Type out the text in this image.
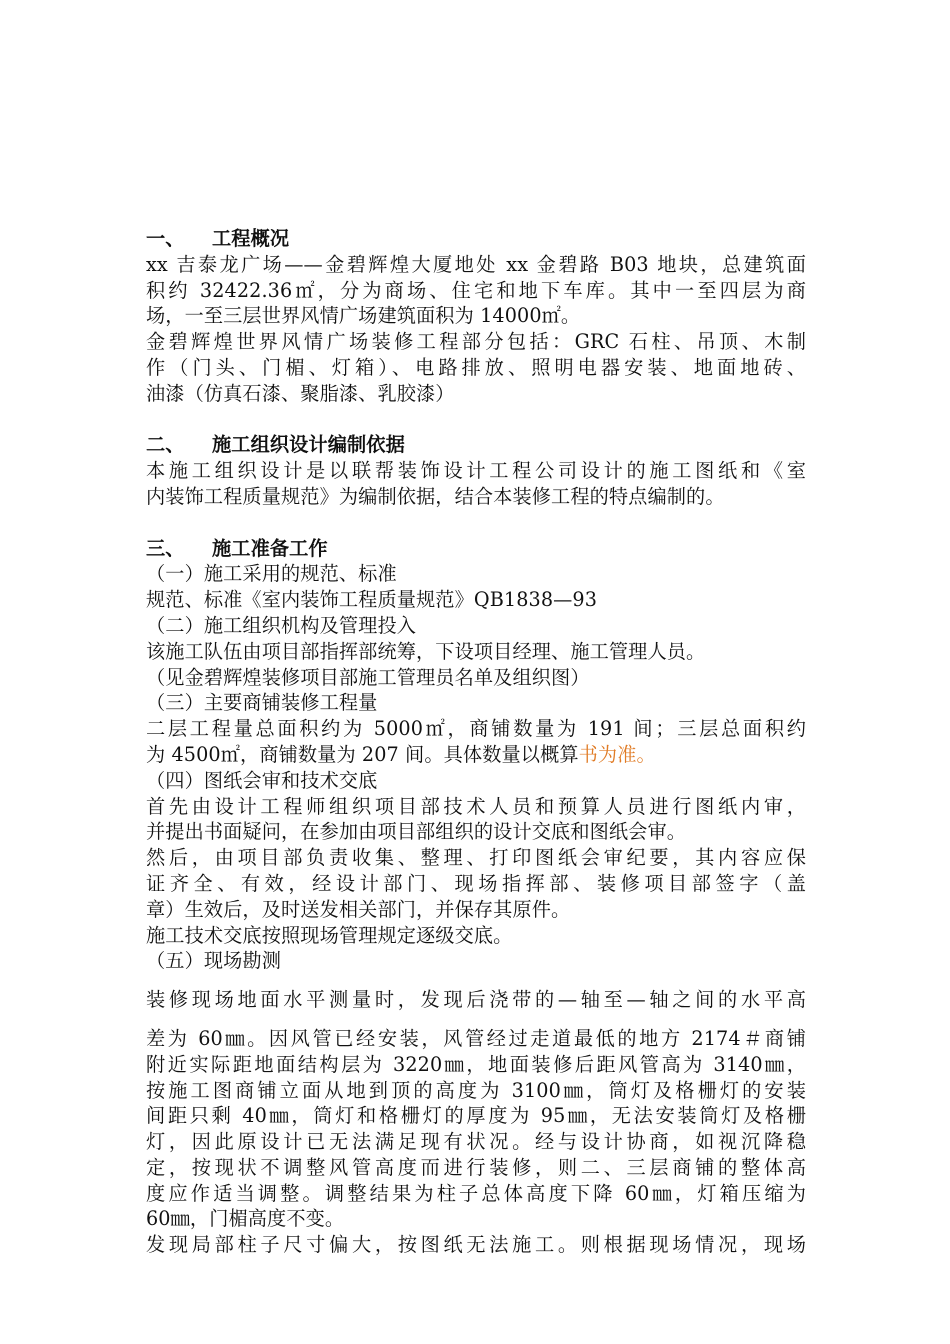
一、 工程概况
xx 吉泰龙广场——金碧辉煌大厦地处 xx 金碧路 B03 地块，总建筑面
积约 32422.36㎡，分为商场、住宅和地下车库。其中一至四层为商
场，一至三层世界风情广场建筑面积为 14000㎡。
金碧辉煌世界风情广场装修工程部分包括：GRC 石柱、吊顶、木制
作（门头、门楣、灯箱）、电路排放、照明电器安装、地面地砖、
油漆（仿真石漆、聚脂漆、乳胶漆）
二、 施工组织设计编制依据
本施工组织设计是以联帮装饰设计工程公司设计的施工图纸和《室
内装饰工程质量规范》为编制依据，结合本装修工程的特点编制的。
三、 施工准备工作
（一）施工采用的规范、标准
规范、标准《室内装饰工程质量规范》QB1838—93
（二）施工组织机构及管理投入
该施工队伍由项目部指挥部统筹，下设项目经理、施工管理人员。
（见金碧辉煌装修项目部施工管理员名单及组织图）
（三）主要商铺装修工程量
二层工程量总面积约为 5000㎡，商铺数量为 191 间；三层总面积约
为 4500㎡，商铺数量为 207 间。具体数量以概算书为准。
（四）图纸会审和技术交底
首先由设计工程师组织项目部技术人员和预算人员进行图纸内审，
并提出书面疑问，在参加由项目部组织的设计交底和图纸会审。
然后，由项目部负责收集、整理、打印图纸会审纪要，其内容应保
证齐全、有效，经设计部门、现场指挥部、装修项目部签字（盖
章）生效后，及时送发相关部门，并保存其原件。
施工技术交底按照现场管理规定逐级交底。
（五）现场勘测
装修现场地面水平测量时，发现后浇带的—轴至—轴之间的水平高
差为 60㎜。因风管已经安装，风管经过走道最低的地方 2174＃商铺
附近实际距地面结构层为 3220㎜，地面装修后距风管高为 3140㎜，
按施工图商铺立面从地到顶的高度为 3100㎜，筒灯及格栅灯的安装
间距只剩 40㎜，筒灯和格栅灯的厚度为 95㎜，无法安装筒灯及格栅
灯，因此原设计已无法满足现有状况。经与设计协商，如视沉降稳
定，按现状不调整风管高度而进行装修，则二、三层商铺的整体高
度应作适当调整。调整结果为柱子总体高度下降 60㎜，灯箱压缩为
60㎜，门楣高度不变。
发现局部柱子尺寸偏大，按图纸无法施工。则根据现场情况，现场
